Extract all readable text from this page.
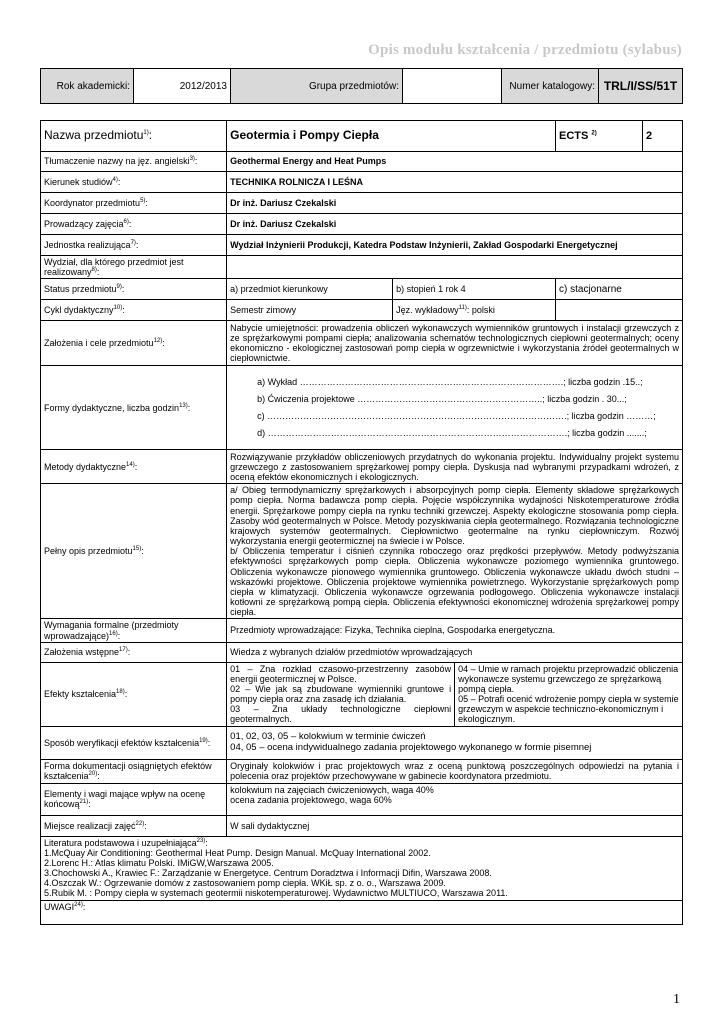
Opis modułu kształcenia / przedmiotu (sylabus)
Rok akademicki:	2012/2013	Grupa przedmiotów:		Numer katalogowy:	TRL/I/SS/51T
Nazwa przedmiotu$^{1)}$:	Geotermia i Pompy Ciepła	ECTS $^{2)}$	2
Tłumaczenie nazwy na jęz. angielski$^{3)}$:	Geothermal Energy and Heat Pumps
Kierunek studiów$^{4)}$:	TECHNIKA ROLNICZA I LEŚNA
Koordynator przedmiotu$^{5)}$:	Dr inż. Dariusz Czekalski
Prowadzący zajęcia$^{6)}$:	Dr inż. Dariusz Czekalski
Jednostka realizująca$^{7)}$:	Wydział Inżynierii Produkcji, Katedra Podstaw Inżynierii, Zakład Gospodarki Energetycznej
Wydział, dla którego przedmiot jest realizowany$^{8)}$:	
Status przedmiotu$^{9)}$:	a) przedmiot kierunkowy	b) stopień 1 rok 4	c) stacjonarne
Cykl dydaktyczny$^{10)}$:	Semestr zimowy	Jęz. wykładowy$^{11)}$: polski	
Założenia i cele przedmiotu$^{12)}$:	Nabycie umiejętności: prowadzenia obliczeń wykonawczych wymienników gruntowych i instalacji grzewczych z ze sprężarkowymi pompami ciepła; analizowania schematów technologicznych ciepłowni geotermalnych; oceny ekonomiczno - ekologicznej zastosowań pomp ciepła w ogrzewnictwie i wykorzystania źródeł geotermalnych w ciepłownictwie.
Formy dydaktyczne, liczba godzin$^{13)}$:	
a) Wykład …………………………………………………………………………….; liczba godzin .15..;
b) Ćwiczenia projektowe ……………………………………………………..; liczba godzin . 30...;
c) ……………………………………………………………………………………….; liczba godzin ………;
d) ……………………………………………………………………………………….; liczba godzin .......;

Metody dydaktyczne$^{14)}$:	Rozwiązywanie przykładów obliczeniowych przydatnych do wykonania projektu. Indywidualny projekt systemu grzewczego z zastosowaniem sprężarkowej pompy ciepła. Dyskusja nad wybranymi przypadkami wdrożeń, z oceną efektów ekonomicznych i ekologicznych.
Pełny opis przedmiotu$^{15)}$:	
a/ Obieg termodynamiczny sprężarkowych i absorpcyjnych pomp ciepła. Elementy składowe sprężarkowych pomp ciepła. Norma badawcza pomp ciepła. Pojęcie współczynnika wydajności Niskotemperaturowe źródła energii. Sprężarkowe pompy ciepła na rynku techniki grzewczej. Aspekty ekologiczne stosowania pomp ciepła. Zasoby wód geotermalnych w Polsce. Metody pozyskiwania ciepła geotermalnego. Rozwiązania technologiczne krajowych systemów geotermalnych. Ciepłownictwo geotermalne na rynku ciepłowniczym. Rozwój wykorzystania energii geotermicznej na świecie i w Polsce.
b/ Obliczenia temperatur i ciśnień czynnika roboczego oraz prędkości przepływów. Metody podwyższania efektywności sprężarkowych pomp ciepła. Obliczenia wykonawcze poziomego wymiennika gruntowego. Obliczenia wykonawcze pionowego wymiennika gruntowego. Obliczenia wykonawcze układu dwóch studni – wskazówki projektowe. Obliczenia projektowe wymiennika powietrznego. Wykorzystanie sprężarkowych pomp ciepła w klimatyzacji. Obliczenia wykonawcze ogrzewania podłogowego. Obliczenia wykonawcze instalacji kotłowni ze sprężarkową pompą ciepła. Obliczenia efektywności ekonomicznej wdrożenia sprężarkowej pompy ciepła.

Wymagania formalne (przedmioty wprowadzające)$^{16)}$:	Przedmioty wprowadzające: Fizyka, Technika cieplna, Gospodarka energetyczna.
Założenia wstępne$^{17)}$:	Wiedza z wybranych działów przedmiotów wprowadzających
Efekty kształcenia$^{18)}$:	
01 – Zna rozkład czasowo-przestrzenny zasobów energii geotermicznej w Polsce.
02 – Wie jak są zbudowane wymienniki gruntowe i pompy ciepła oraz zna zasadę ich działania.
03 – Zna układy technologiczne ciepłowni geotermalnych.	04 – Umie w ramach projektu przeprowadzić obliczenia wykonawcze systemu grzewczego ze sprężarkową pompą ciepła.
05 – Potrafi ocenić wdrożenie pompy ciepła w systemie grzewczym w aspekcie techniczno-ekonomicznym i ekologicznym.

Sposób weryfikacji efektów kształcenia$^{19)}$:	01, 02, 03, 05 – kolokwium w terminie ćwiczeń
04, 05 – ocena indywidualnego zadania projektowego wykonanego w formie pisemnej
Forma dokumentacji osiągniętych efektów kształcenia$^{20)}$:	Oryginały kolokwiów i prac projektowych wraz z oceną punktową poszczególnych odpowiedzi na pytania i polecenia oraz projektów przechowywane w gabinecie koordynatora przedmiotu.
Elementy i wagi mające wpływ na ocenę końcową$^{21)}$:	kolokwium na zajęciach ćwiczeniowych, waga 40%
ocena zadania projektowego, waga 60%
Miejsce realizacji zajęć$^{22)}$:	W sali dydaktycznej

Literatura podstawowa i uzupełniająca$^{23)}$:
1.McQuay Air Conditioning: Geothermal Heat Pump. Design Manual. McQuay International 2002.
2.Lorenc H.: Atlas klimatu Polski. IMiGW,Warszawa 2005.
3.Chochowski A., Krawiec F.: Zarządzanie w Energetyce. Centrum Doradztwa i Informacji Difin, Warszawa 2008.
4.Oszczak W.: Ogrzewanie domów z zastosowaniem pomp ciepła. WKiŁ sp. z o. o., Warszawa 2009.
5.Rubik M. : Pompy ciepła w systemach geotermii niskotemperaturowej. Wydawnictwo MULTIUCO, Warszawa 2011.

UWAGI$^{24)}$:
1
